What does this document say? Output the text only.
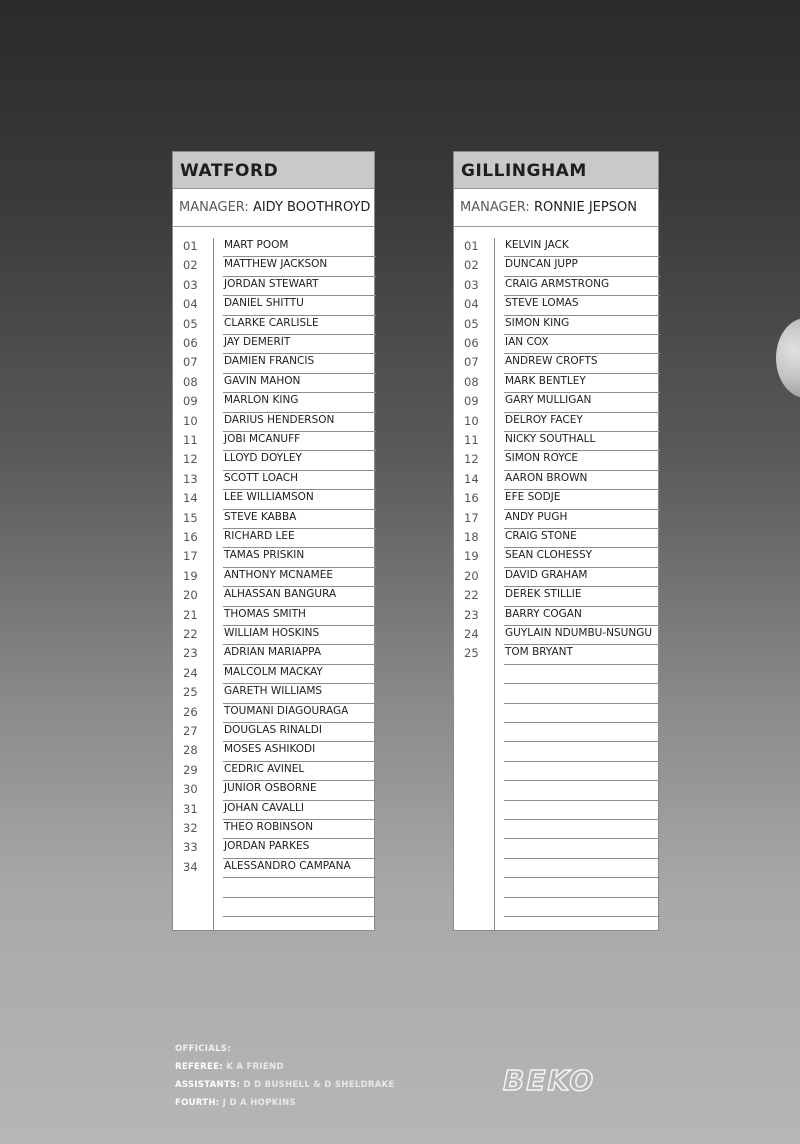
WATFORD
MANAGER: AIDY BOOTHROYD
01	MART POOM
02	MATTHEW JACKSON
03	JORDAN STEWART
04	DANIEL SHITTU
05	CLARKE CARLISLE
06	JAY DEMERIT
07	DAMIEN FRANCIS
08	GAVIN MAHON
09	MARLON KING
10	DARIUS HENDERSON
11	JOBI MCANUFF
12	LLOYD DOYLEY
13	SCOTT LOACH
14	LEE WILLIAMSON
15	STEVE KABBA
16	RICHARD LEE
17	TAMAS PRISKIN
19	ANTHONY MCNAMEE
20	ALHASSAN BANGURA
21	THOMAS SMITH
22	WILLIAM HOSKINS
23	ADRIAN MARIAPPA
24	MALCOLM MACKAY
25	GARETH WILLIAMS
26	TOUMANI DIAGOURAGA
27	DOUGLAS RINALDI
28	MOSES ASHIKODI
29	CEDRIC AVINEL
30	JUNIOR OSBORNE
31	JOHAN CAVALLI
32	THEO ROBINSON
33	JORDAN PARKES
34	ALESSANDRO CAMPANA
GILLINGHAM
MANAGER: RONNIE JEPSON
01	KELVIN JACK
02	DUNCAN JUPP
03	CRAIG ARMSTRONG
04	STEVE LOMAS
05	SIMON KING
06	IAN COX
07	ANDREW CROFTS
08	MARK BENTLEY
09	GARY MULLIGAN
10	DELROY FACEY
11	NICKY SOUTHALL
12	SIMON ROYCE
14	AARON BROWN
16	EFE SODJE
17	ANDY PUGH
18	CRAIG STONE
19	SEAN CLOHESSY
20	DAVID GRAHAM
22	DEREK STILLIE
23	BARRY COGAN
24	GUYLAIN NDUMBU-NSUNGU
25	TOM BRYANT
OFFICIALS:
REFEREE: K A FRIEND
ASSISTANTS: D D BUSHELL & D SHELDRAKE
FOURTH: J D A HOPKINS
BEKO
